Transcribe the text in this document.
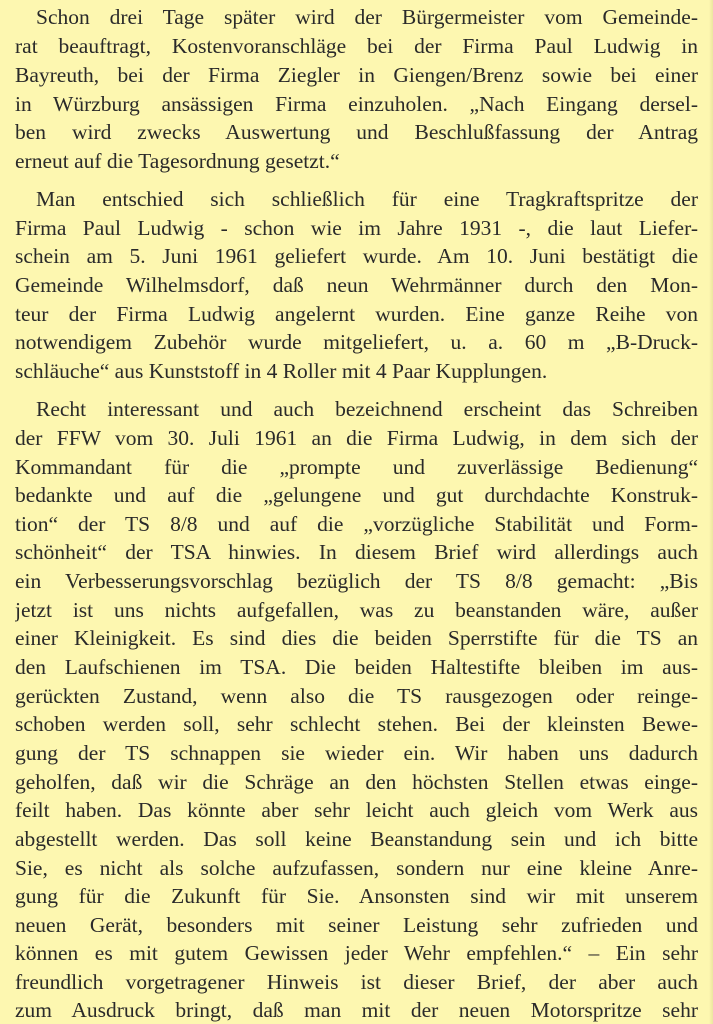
Schon drei Tage später wird der Bürgermeister vom Gemeinde-
rat beauftragt, Kostenvoranschläge bei der Firma Paul Ludwig in
Bayreuth, bei der Firma Ziegler in Giengen/Brenz sowie bei einer
in Würzburg ansässigen Firma einzuholen. „Nach Eingang dersel-
ben wird zwecks Auswertung und Beschlußfassung der Antrag
erneut auf die Tagesordnung gesetzt.“
Man entschied sich schließlich für eine Tragkraftspritze der
Firma Paul Ludwig - schon wie im Jahre 1931 -, die laut Liefer-
schein am 5. Juni 1961 geliefert wurde. Am 10. Juni bestätigt die
Gemeinde Wilhelmsdorf, daß neun Wehrmänner durch den Mon-
teur der Firma Ludwig angelernt wurden. Eine ganze Reihe von
notwendigem Zubehör wurde mitgeliefert, u. a. 60 m „B-Druck-
schläuche“ aus Kunststoff in 4 Roller mit 4 Paar Kupplungen.
Recht interessant und auch bezeichnend erscheint das Schreiben
der FFW vom 30. Juli 1961 an die Firma Ludwig, in dem sich der
Kommandant für die „prompte und zuverlässige Bedienung“
bedankte und auf die „gelungene und gut durchdachte Konstruk-
tion“ der TS 8/8 und auf die „vorzügliche Stabilität und Form-
schönheit“ der TSA hinwies. In diesem Brief wird allerdings auch
ein Verbesserungsvorschlag bezüglich der TS 8/8 gemacht: „Bis
jetzt ist uns nichts aufgefallen, was zu beanstanden wäre, außer
einer Kleinigkeit. Es sind dies die beiden Sperrstifte für die TS an
den Laufschienen im TSA. Die beiden Haltestifte bleiben im aus-
gerückten Zustand, wenn also die TS rausgezogen oder reinge-
schoben werden soll, sehr schlecht stehen. Bei der kleinsten Bewe-
gung der TS schnappen sie wieder ein. Wir haben uns dadurch
geholfen, daß wir die Schräge an den höchsten Stellen etwas einge-
feilt haben. Das könnte aber sehr leicht auch gleich vom Werk aus
abgestellt werden. Das soll keine Beanstandung sein und ich bitte
Sie, es nicht als solche aufzufassen, sondern nur eine kleine Anre-
gung für die Zukunft für Sie. Ansonsten sind wir mit unserem
neuen Gerät, besonders mit seiner Leistung sehr zufrieden und
können es mit gutem Gewissen jeder Wehr empfehlen.“ – Ein sehr
freundlich vorgetragener Hinweis ist dieser Brief, der aber auch
zum Ausdruck bringt, daß man mit der neuen Motorspritze sehr
